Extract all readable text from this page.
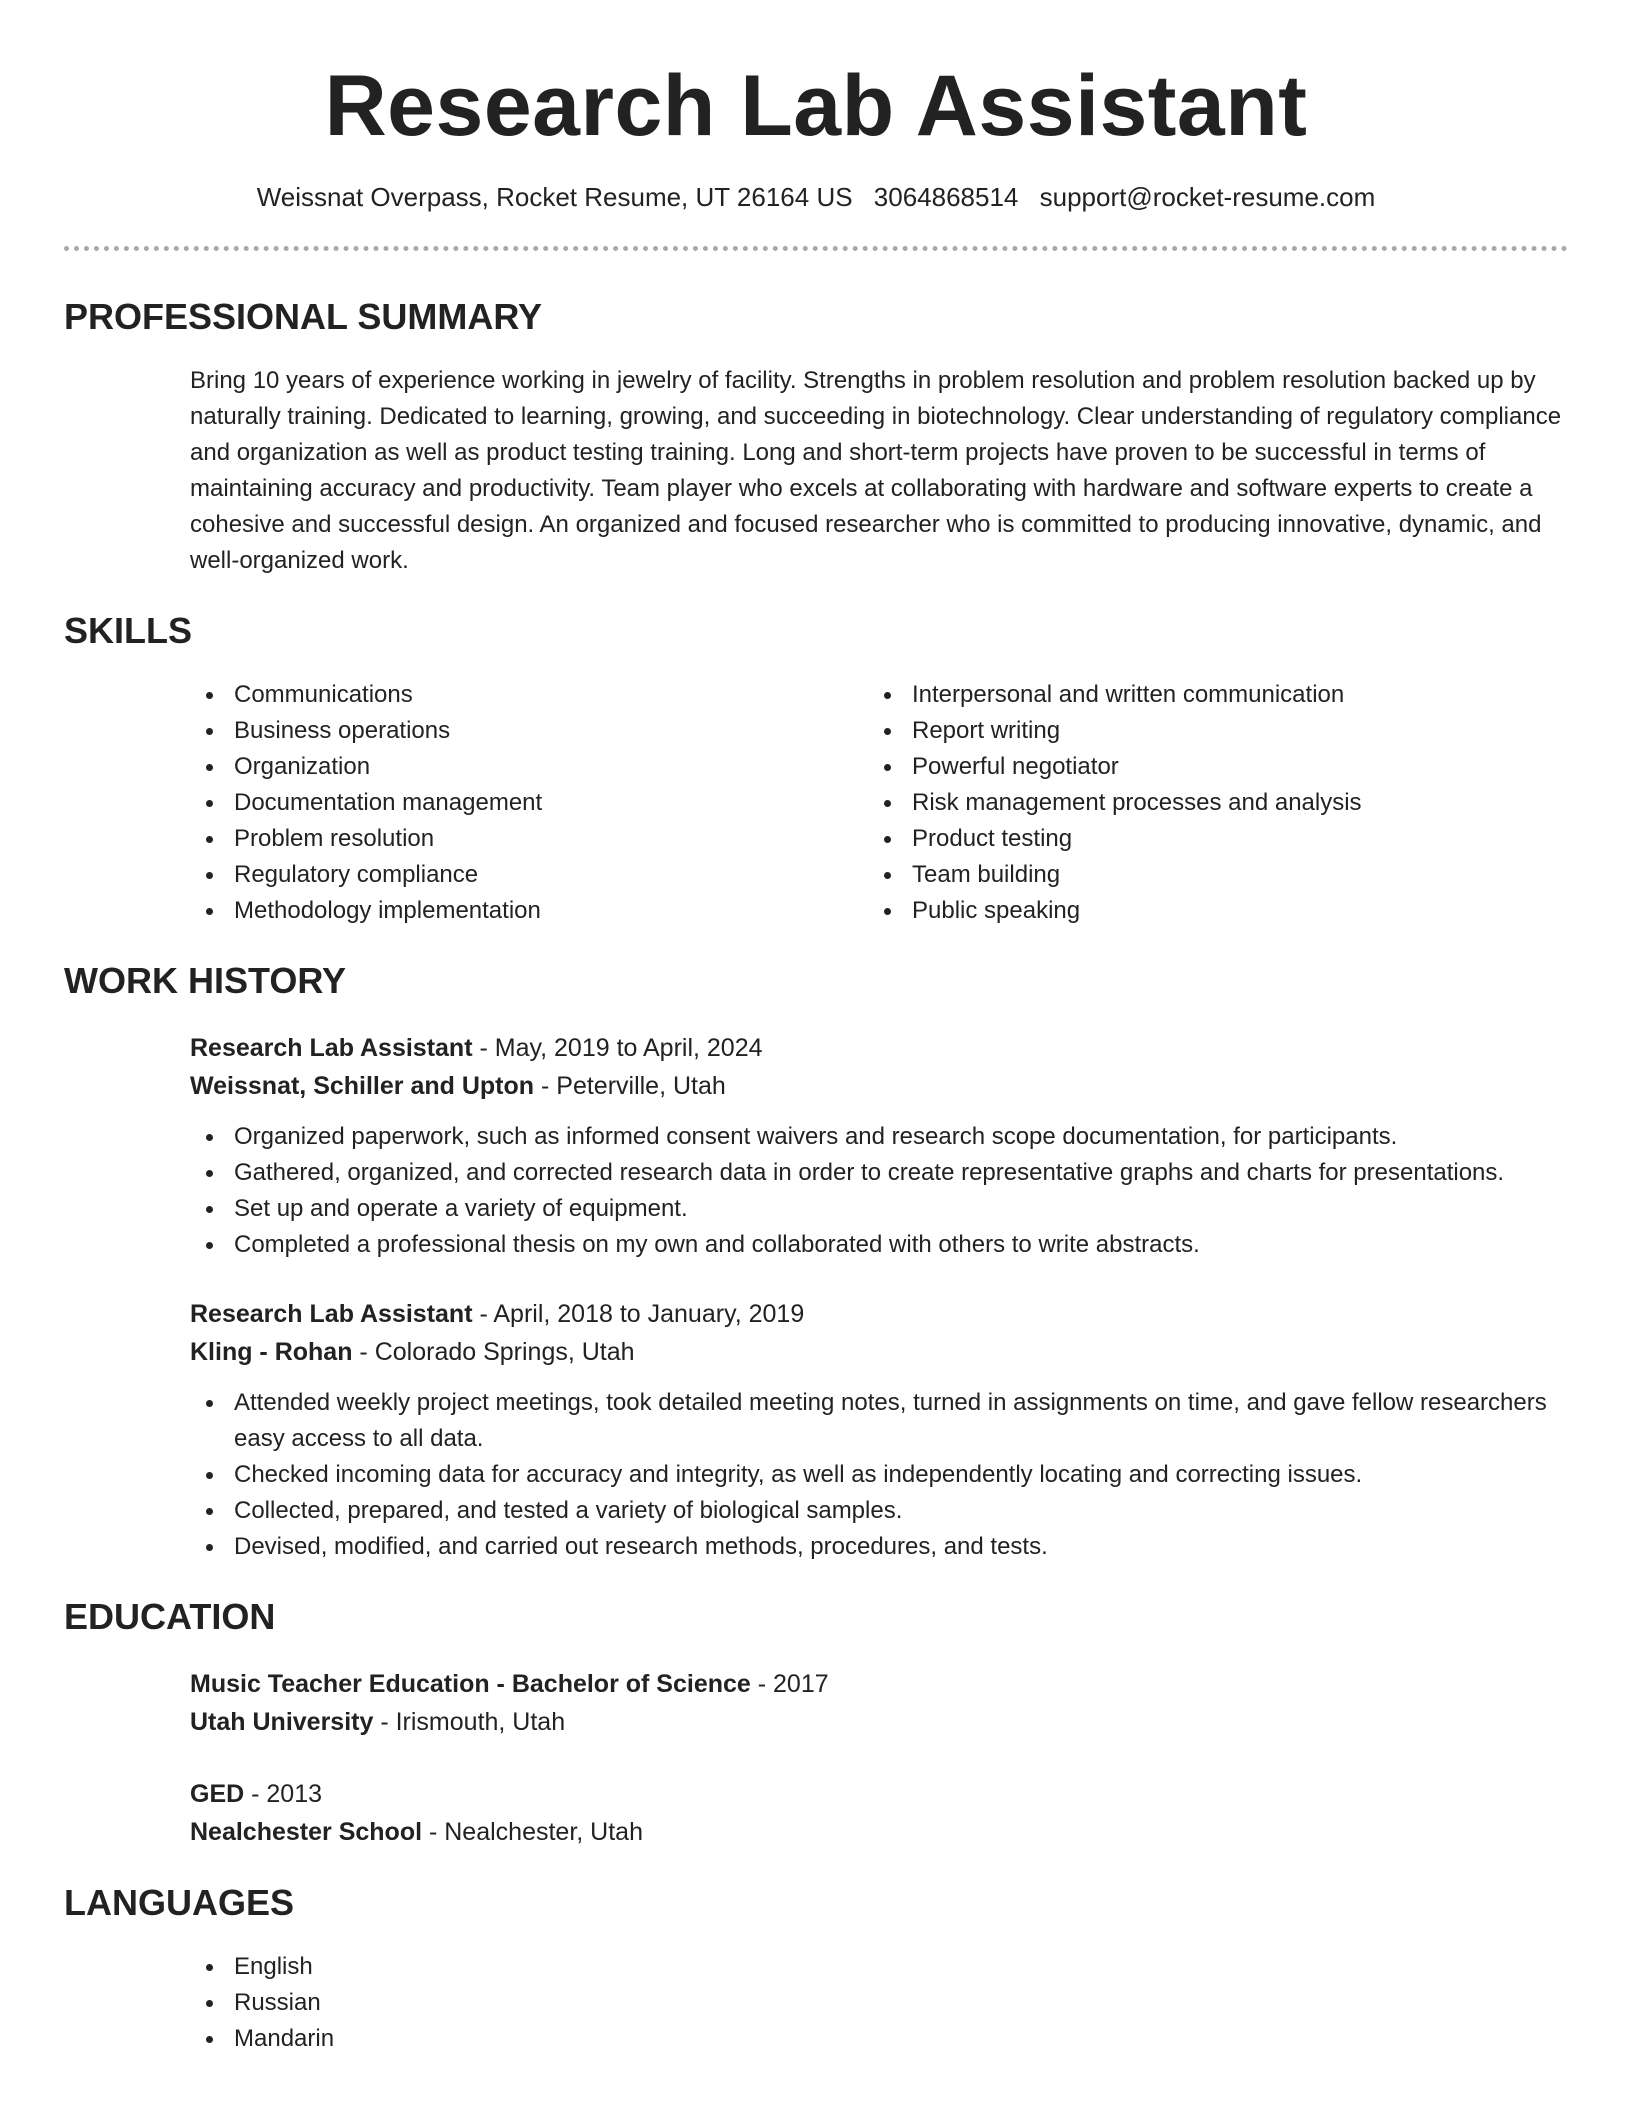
Research Lab Assistant
Weissnat Overpass, Rocket Resume, UT 26164 US 3064868514 support@rocket-resume.com
PROFESSIONAL SUMMARY

Bring 10 years of experience working in jewelry of facility. Strengths in problem resolution and problem resolution backed up by naturally training. Dedicated to learning, growing, and succeeding in biotechnology. Clear understanding of regulatory compliance and organization as well as product testing training. Long and short-term projects have proven to be successful in terms of maintaining accuracy and productivity. Team player who excels at collaborating with hardware and software experts to create a cohesive and successful design. An organized and focused researcher who is committed to producing innovative, dynamic, and well-organized work.

SKILLS
Communications
Business operations
Organization
Documentation management
Problem resolution
Regulatory compliance
Methodology implementation
Interpersonal and written communication
Report writing
Powerful negotiator
Risk management processes and analysis
Product testing
Team building
Public speaking
WORK HISTORY
Research Lab Assistant - May, 2019 to April, 2024
Weissnat, Schiller and Upton - Peterville, Utah
Organized paperwork, such as informed consent waivers and research scope documentation, for participants.
Gathered, organized, and corrected research data in order to create representative graphs and charts for presentations.
Set up and operate a variety of equipment.
Completed a professional thesis on my own and collaborated with others to write abstracts.
Research Lab Assistant - April, 2018 to January, 2019
Kling - Rohan - Colorado Springs, Utah
Attended weekly project meetings, took detailed meeting notes, turned in assignments on time, and gave fellow researchers easy access to all data.
Checked incoming data for accuracy and integrity, as well as independently locating and correcting issues.
Collected, prepared, and tested a variety of biological samples.
Devised, modified, and carried out research methods, procedures, and tests.
EDUCATION
Music Teacher Education - Bachelor of Science - 2017
Utah University - Irismouth, Utah
GED - 2013
Nealchester School - Nealchester, Utah
LANGUAGES
English
Russian
Mandarin
